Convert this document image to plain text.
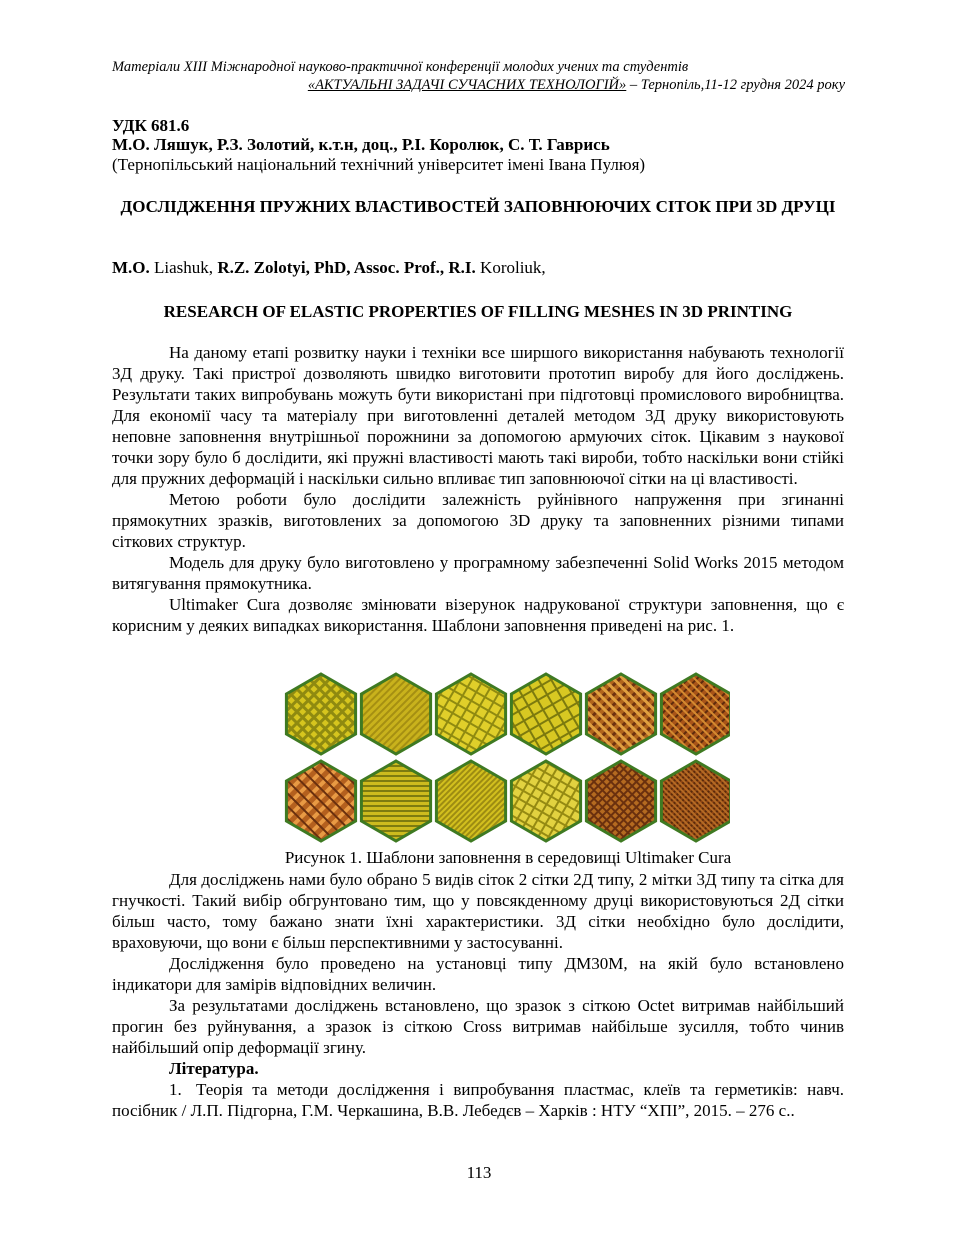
Матеріали XIII Міжнародної науково-практичної конференції молодих учених та студентів
«АКТУАЛЬНІ ЗАДАЧІ СУЧАСНИХ ТЕХНОЛОГІЙ» – Тернопіль,11-12 грудня 2024 року
УДК 681.6
М.О. Ляшук, Р.З. Золотий, к.т.н, доц., Р.І. Королюк, С. Т. Гаврись
(Тернопільський національний технічний університет імені Івана Пулюя)
ДОСЛІДЖЕННЯ ПРУЖНИХ ВЛАСТИВОСТЕЙ ЗАПОВНЮЮЧИХ СІТОК ПРИ 3D ДРУЦІ
M.O. Liashuk, R.Z. Zolotyi, PhD, Assoc. Prof., R.I. Koroliuk,
RESEARCH OF ELASTIC PROPERTIES OF FILLING MESHES IN 3D PRINTING

На даному етапі розвитку науки і техніки все ширшого використання набувають технології 3Д друку. Такі пристрої дозволяють швидко виготовити прототип виробу для його досліджень. Результати таких випробувань можуть бути використані при підготовці промислового виробництва. Для економії часу та матеріалу при виготовленні деталей методом 3Д друку використовують неповне заповнення внутрішньої порожнини за допомогою армуючих сіток. Цікавим з наукової точки зору було б дослідити, які пружні властивості мають такі вироби, тобто наскільки вони стійкі для пружних деформацій і наскільки сильно впливає тип заповнюючої сітки на ці властивості.

Метою роботи було дослідити залежність руйнівного напруження при згинанні прямокутних зразків, виготовлених за допомогою 3D друку та заповненних різними типами сіткових структур.

Модель для друку було виготовлено у програмному забезпеченні Solid Works 2015 методом витягування прямокутника.

Ultimaker Cura дозволяє змінювати візерунок надрукованої структури заповнення, що є корисним у деяких випадках використання. Шаблони заповнення приведені на рис. 1.

Рисунок 1. Шаблони заповнення в середовищі Ultimaker Cura

Для досліджень нами було обрано 5 видів сіток 2 сітки 2Д типу, 2 мітки 3Д типу та сітка для гнучкості. Такий вибір обгрунтовано тим, що у повсякденному друці використовуються 2Д сітки більш часто, тому бажано знати їхні характеристики. 3Д сітки необхідно було дослідити, враховуючи, що вони є більш перспективними у застосуванні.

Дослідження було проведено на установці типу ДМ30М, на якій було встановлено індикатори для замірів відповідних величин.

За результатами досліджень встановлено, що зразок з сіткою Octet витримав найбільший прогин без руйнування, а зразок із сіткою Cross витримав найбільше зусилля, тобто чинив найбільший опір деформації згину.

Література.

1. Теорія та методи дослідження і випробування пластмас, клеїв та герметиків: навч. посібник / Л.П. Підгорна, Г.М. Черкашина, В.В. Лебедєв – Харків : НТУ “ХПІ”, 2015. – 276 с..

113
